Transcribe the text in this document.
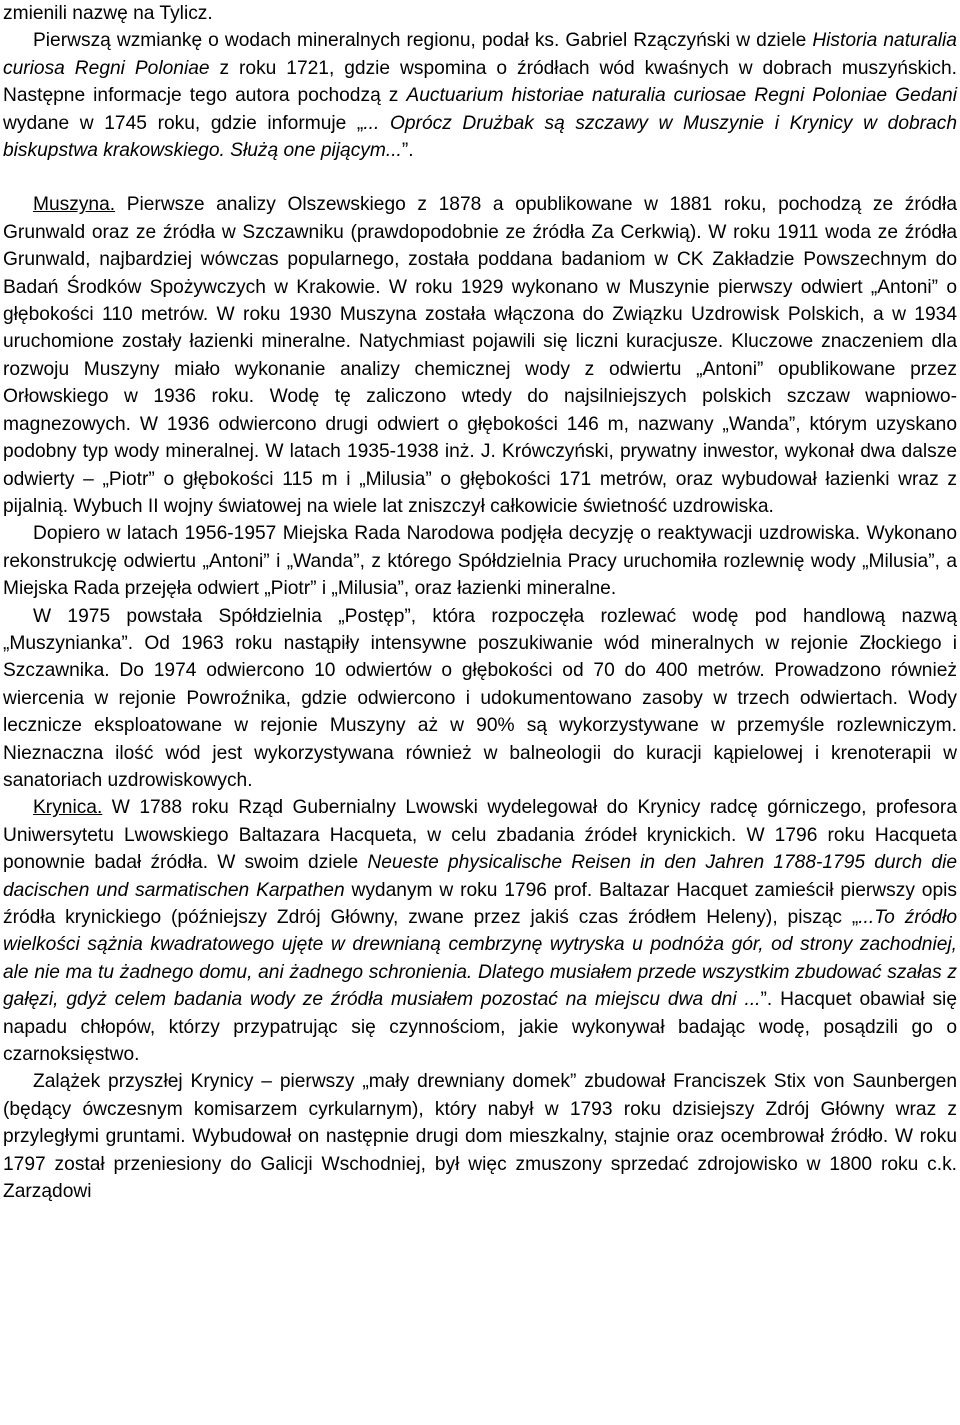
zmienili nazwę na Tylicz.

Pierwszą wzmiankę o wodach mineralnych regionu, podał ks. Gabriel Rzączyński w dziele Historia naturalia curiosa Regni Poloniae z roku 1721, gdzie wspomina o źródłach wód kwaśnych w dobrach muszyńskich. Następne informacje tego autora pochodzą z Auctuarium historiae naturalia curiosae Regni Poloniae Gedani wydane w 1745 roku, gdzie informuje „... Oprócz Drużbak są szczawy w Muszynie i Krynicy w dobrach biskupstwa krakowskiego. Służą one pijącym...”.

Muszyna. Pierwsze analizy Olszewskiego z 1878 a opublikowane w 1881 roku, pochodzą ze źródła Grunwald oraz ze źródła w Szczawniku (prawdopodobnie ze źródła Za Cerkwią). W roku 1911 woda ze źródła Grunwald, najbardziej wówczas popularnego, została poddana badaniom w CK Zakładzie Powszechnym do Badań Środków Spożywczych w Krakowie. W roku 1929 wykonano w Muszynie pierwszy odwiert „Antoni” o głębokości 110 metrów. W roku 1930 Muszyna została włączona do Związku Uzdrowisk Polskich, a w 1934 uruchomione zostały łazienki mineralne. Natychmiast pojawili się liczni kuracjusze. Kluczowe znaczeniem dla rozwoju Muszyny miało wykonanie analizy chemicznej wody z odwiertu „Antoni” opublikowane przez Orłowskiego w 1936 roku. Wodę tę zaliczono wtedy do najsilniejszych polskich szczaw wapniowo-magnezowych. W 1936 odwiercono drugi odwiert o głębokości 146 m, nazwany „Wanda”, którym uzyskano podobny typ wody mineralnej. W latach 1935-1938 inż. J. Krówczyński, prywatny inwestor, wykonał dwa dalsze odwierty – „Piotr” o głębokości 115 m i „Milusia” o głębokości 171 metrów, oraz wybudował łazienki wraz z pijalnią. Wybuch II wojny światowej na wiele lat zniszczył całkowicie świetność uzdrowiska.

Dopiero w latach 1956-1957 Miejska Rada Narodowa podjęła decyzję o reaktywacji uzdrowiska. Wykonano rekonstrukcję odwiertu „Antoni” i „Wanda”, z którego Spółdzielnia Pracy uruchomiła rozlewnię wody „Milusia”, a Miejska Rada przejęła odwiert „Piotr” i „Milusia”, oraz łazienki mineralne.

W 1975 powstała Spółdzielnia „Postęp”, która rozpoczęła rozlewać wodę pod handlową nazwą „Muszynianka”. Od 1963 roku nastąpiły intensywne poszukiwanie wód mineralnych w rejonie Złockiego i Szczawnika. Do 1974 odwiercono 10 odwiertów o głębokości od 70 do 400 metrów. Prowadzono również wiercenia w rejonie Powroźnika, gdzie odwiercono i udokumentowano zasoby w trzech odwiertach. Wody lecznicze eksploatowane w rejonie Muszyny aż w 90% są wykorzystywane w przemyśle rozlewniczym. Nieznaczna ilość wód jest wykorzystywana również w balneologii do kuracji kąpielowej i krenoterapii w sanatoriach uzdrowiskowych.

Krynica. W 1788 roku Rząd Gubernialny Lwowski wydelegował do Krynicy radcę górniczego, profesora Uniwersytetu Lwowskiego Baltazara Hacqueta, w celu zbadania źródeł krynickich. W 1796 roku Hacqueta ponownie badał źródła. W swoim dziele Neueste physicalische Reisen in den Jahren 1788-1795 durch die dacischen und sarmatischen Karpathen wydanym w roku 1796 prof. Baltazar Hacquet zamieścił pierwszy opis źródła krynickiego (późniejszy Zdrój Główny, zwane przez jakiś czas źródłem Heleny), pisząc „...To źródło wielkości sążnia kwadratowego ujęte w drewnianą cembrzynę wytryska u podnóża gór, od strony zachodniej, ale nie ma tu żadnego domu, ani żadnego schronienia. Dlatego musiałem przede wszystkim zbudować szałas z gałęzi, gdyż celem badania wody ze źródła musiałem pozostać na miejscu dwa dni ...”. Hacquet obawiał się napadu chłopów, którzy przypatrując się czynnościom, jakie wykonywał badając wodę, posądzili go o czarnoksięstwo.

Zalążek przyszłej Krynicy – pierwszy „mały drewniany domek” zbudował Franciszek Stix von Saunbergen (będący ówczesnym komisarzem cyrkularnym), który nabył w 1793 roku dzisiejszy Zdrój Główny wraz z przyległymi gruntami. Wybudował on następnie drugi dom mieszkalny, stajnie oraz ocembrował źródło. W roku 1797 został przeniesiony do Galicji Wschodniej, był więc zmuszony sprzedać zdrojowisko w 1800 roku c.k. Zarządowi
